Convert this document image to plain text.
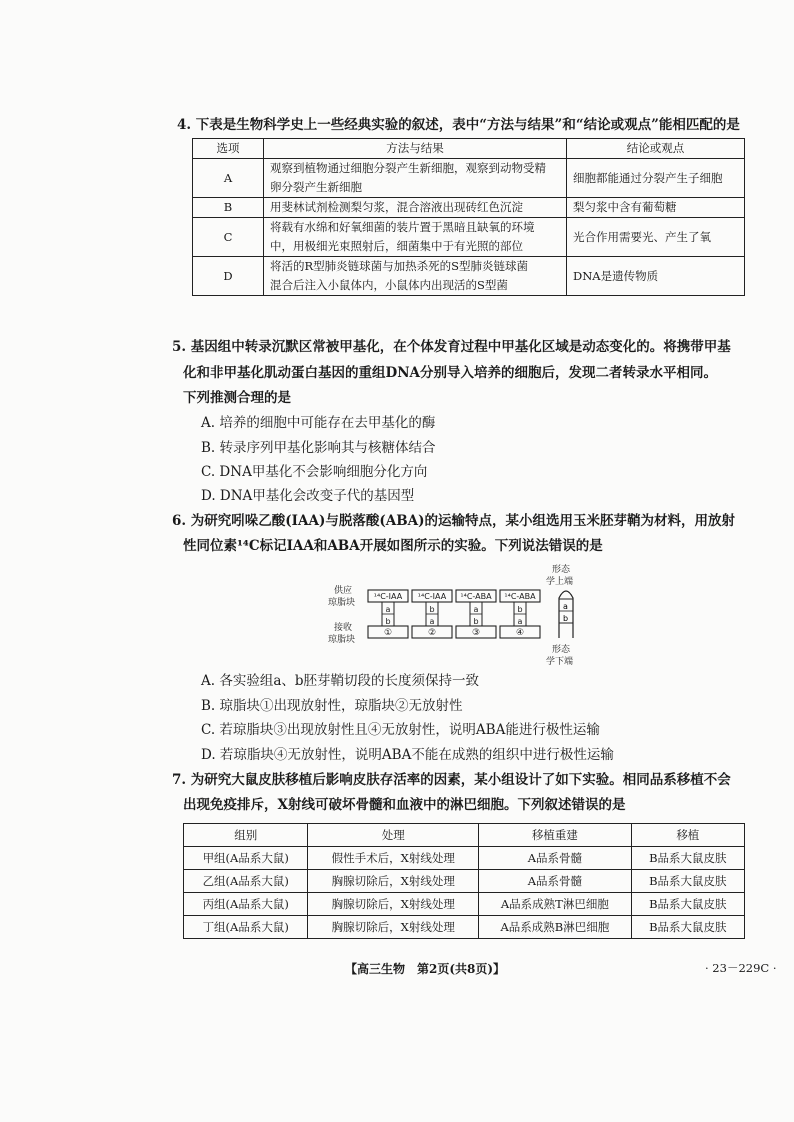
4. 下表是生物科学史上一些经典实验的叙述，表中“方法与结果”和“结论或观点”能相匹配的是
选项	方法与结果	结论或观点
A	观察到植物通过细胞分裂产生新细胞，观察到动物受精
卵分裂产生新细胞	细胞都能通过分裂产生子细胞
B	用斐林试剂检测梨匀浆，混合溶液出现砖红色沉淀	梨匀浆中含有葡萄糖
C	将载有水绵和好氧细菌的装片置于黑暗且缺氧的环境
中，用极细光束照射后，细菌集中于有光照的部位	光合作用需要光、产生了氧
D	将活的R型肺炎链球菌与加热杀死的S型肺炎链球菌
混合后注入小鼠体内，小鼠体内出现活的S型菌	DNA是遗传物质
5. 基因组中转录沉默区常被甲基化，在个体发育过程中甲基化区域是动态变化的。将携带甲基
化和非甲基化肌动蛋白基因的重组DNA分别导入培养的细胞后，发现二者转录水平相同。
下列推测合理的是
A. 培养的细胞中可能存在去甲基化的酶
B. 转录序列甲基化影响其与核糖体结合
C. DNA甲基化不会影响细胞分化方向
D. DNA甲基化会改变子代的基因型
6. 为研究吲哚乙酸(IAA)与脱落酸(ABA)的运输特点，某小组选用玉米胚芽鞘为材料，用放射
性同位素¹⁴C标记IAA和ABA开展如图所示的实验。下列说法错误的是
供应
琼脂块
接收
琼脂块
¹⁴C-IAA
a
b
①
¹⁴C-IAA
b
a
②
¹⁴C-ABA
a
b
③
¹⁴C-ABA
b
a
④
形态
学上端
形态
学下端
a
b
A. 各实验组a、b胚芽鞘切段的长度须保持一致
B. 琼脂块①出现放射性，琼脂块②无放射性
C. 若琼脂块③出现放射性且④无放射性，说明ABA能进行极性运输
D. 若琼脂块④无放射性，说明ABA不能在成熟的组织中进行极性运输
7. 为研究大鼠皮肤移植后影响皮肤存活率的因素，某小组设计了如下实验。相同品系移植不会
出现免疫排斥，X射线可破坏骨髓和血液中的淋巴细胞。下列叙述错误的是
组别	处理	移植重建	移植
甲组(A品系大鼠)	假性手术后，X射线处理	A品系骨髓	B品系大鼠皮肤
乙组(A品系大鼠)	胸腺切除后，X射线处理	A品系骨髓	B品系大鼠皮肤
丙组(A品系大鼠)	胸腺切除后，X射线处理	A品系成熟T淋巴细胞	B品系大鼠皮肤
丁组(A品系大鼠)	胸腺切除后，X射线处理	A品系成熟B淋巴细胞	B品系大鼠皮肤
【高三生物　第2页(共8页)】	· 23－229C ·
